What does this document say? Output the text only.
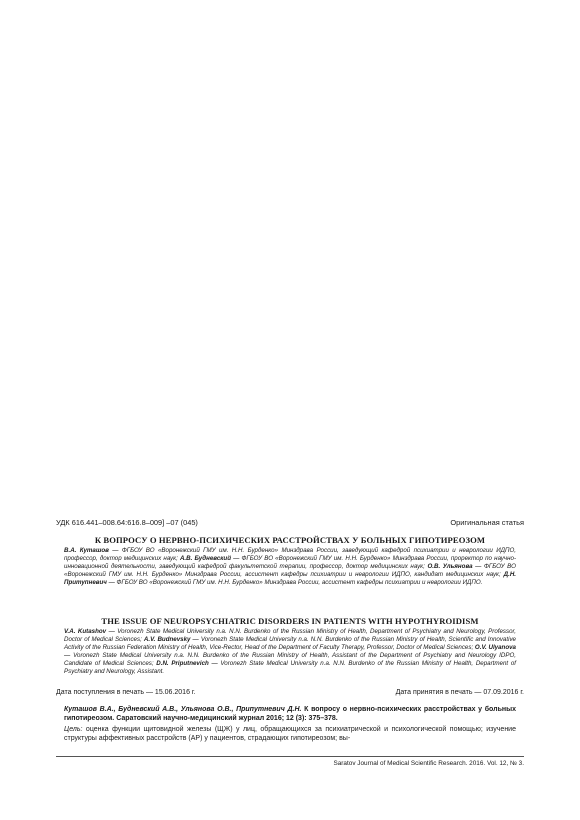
УДК 616.441–008.64:616.8–009] –07 (045)	Оригинальная статья
К ВОПРОСУ О НЕРВНО-ПСИХИЧЕСКИХ РАССТРОЙСТВАХ У БОЛЬНЫХ ГИПОТИРЕОЗОМ
В.А. Куташов — ФГБОУ ВО «Воронежский ГМУ им. Н.Н. Бурденко» Минздрава России, заведующий кафедрой психиатрии и неврологии ИДПО, профессор, доктор медицинских наук; А.В. Будневский — ФГБОУ ВО «Воронежский ГМУ им. Н.Н. Бурденко» Минздрава России, проректор по научно-инновационной деятельности, заведующий кафедрой факультетской терапии, профессор, доктор медицинских наук; О.В. Ульянова — ФГБОУ ВО «Воронежский ГМУ им. Н.Н. Бурденко» Минздрава России, ассистент кафедры психиатрии и неврологии ИДПО, кандидат медицинских наук; Д.Н. Притупневич — ФГБОУ ВО «Воронежский ГМУ им. Н.Н. Бурденко» Минздрава России, ассистент кафедры психиатрии и неврологии ИДПО.
THE ISSUE OF NEUROPSYCHIATRIC DISORDERS IN PATIENTS WITH HYPOTHYROIDISM
V.A. Kutashov — Voronezh State Medical University n.a. N.N. Burdenko of the Russian Ministry of Health, Department of Psychiatry and Neurology, Professor, Doctor of Medical Sciences; A.V. Budnevsky — Voronezh State Medical University n.a. N.N. Burdenko of the Russian Ministry of Health, Scientific and Innovative Activity of the Russian Federation Ministry of Health, Vice-Rector, Head of the Department of Faculty Therapy, Professor, Doctor of Medical Sciences; O.V. Ulyanova — Voronezh State Medical University n.a. N.N. Burdenko of the Russian Ministry of Health, Assistant of the Department of Psychiatry and Neurology IDPO, Candidate of Medical Sciences; D.N. Priputnevich — Voronezh State Medical University n.a. N.N. Burdenko of the Russian Ministry of Health, Department of Psychiatry and Neurology, Assistant.
Дата поступления в печать — 15.06.2016 г.	Дата принятия в печать — 07.09.2016 г.
Куташов В.А., Будневский А.В., Ульянова О.В., Припутневич Д.Н. К вопросу о нервно-психических расстройствах у больных гипотиреозом. Саратовский научно-медицинский журнал 2016; 12 (3): 375–378.
Цель: оценка функции щитовидной железы (ЩЖ) у лиц, обращающихся за психиатрической и психологической помощью; изучение структуры аффективных расстройств (АР) у пациентов, страдающих гипотиреозом; вы-
Saratov Journal of Medical Scientific Research. 2016. Vol. 12, № 3.
